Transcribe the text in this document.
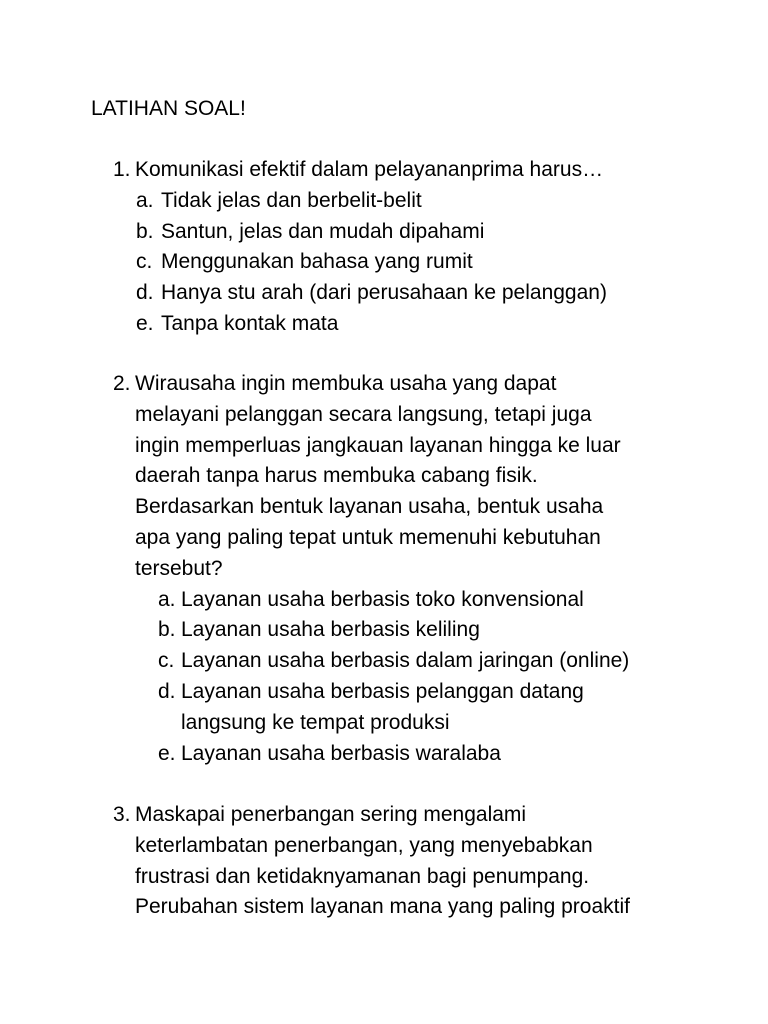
LATIHAN SOAL!
1. Komunikasi efektif dalam pelayananprima harus…
a. Tidak jelas dan berbelit-belit
b. Santun, jelas dan mudah dipahami
c. Menggunakan bahasa yang rumit
d. Hanya stu arah (dari perusahaan ke pelanggan)
e. Tanpa kontak mata
2. Wirausaha ingin membuka usaha yang dapat
melayani pelanggan secara langsung, tetapi juga
ingin memperluas jangkauan layanan hingga ke luar
daerah tanpa harus membuka cabang fisik.
Berdasarkan bentuk layanan usaha, bentuk usaha
apa yang paling tepat untuk memenuhi kebutuhan
tersebut?
a. Layanan usaha berbasis toko konvensional
b. Layanan usaha berbasis keliling
c. Layanan usaha berbasis dalam jaringan (online)
d. Layanan usaha berbasis pelanggan datang
langsung ke tempat produksi
e. Layanan usaha berbasis waralaba
3. Maskapai penerbangan sering mengalami
keterlambatan penerbangan, yang menyebabkan
frustrasi dan ketidaknyamanan bagi penumpang.
Perubahan sistem layanan mana yang paling proaktif
